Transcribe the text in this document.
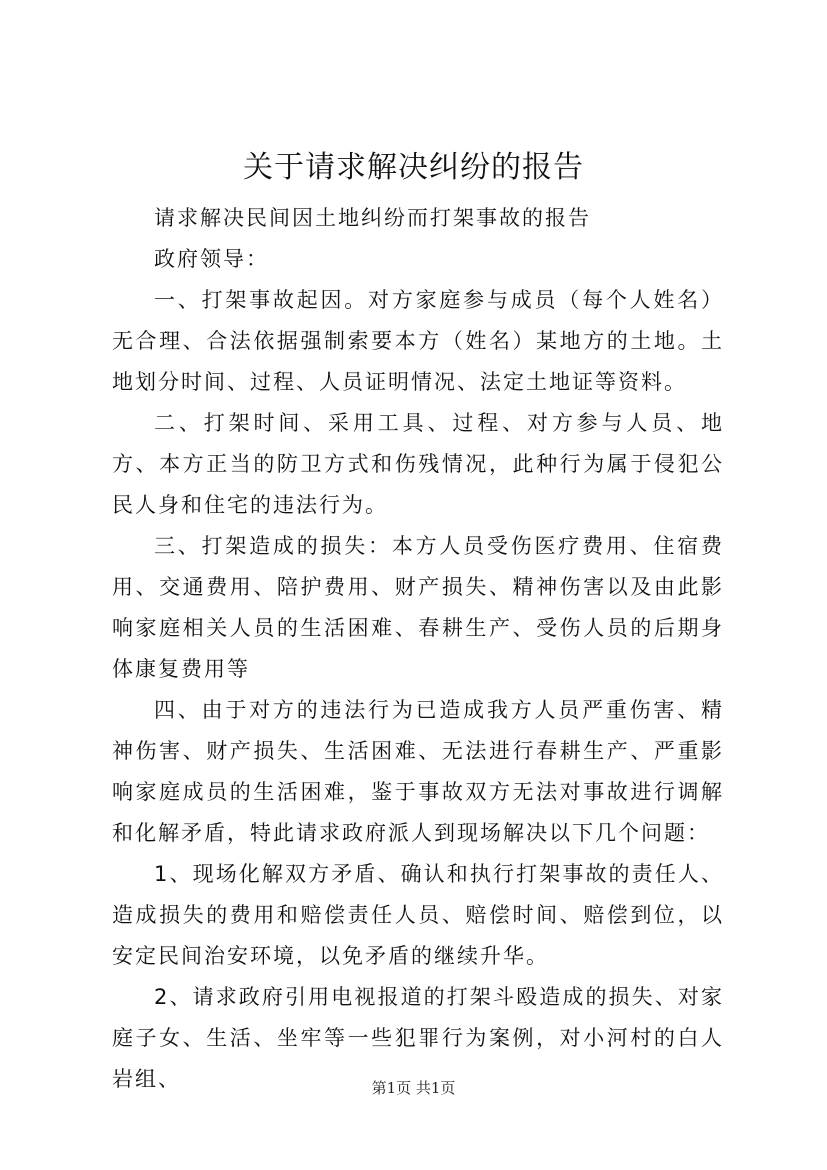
关于请求解决纠纷的报告

请求解决民间因土地纠纷而打架事故的报告

政府领导：

一、打架事故起因。对方家庭参与成员（每个人姓名）无合理、合法依据强制索要本方（姓名）某地方的土地。土地划分时间、过程、人员证明情况、法定土地证等资料。

二、打架时间、采用工具、过程、对方参与人员、地方、本方正当的防卫方式和伤残情况，此种行为属于侵犯公民人身和住宅的违法行为。

三、打架造成的损失：本方人员受伤医疗费用、住宿费用、交通费用、陪护费用、财产损失、精神伤害以及由此影响家庭相关人员的生活困难、春耕生产、受伤人员的后期身体康复费用等

四、由于对方的违法行为已造成我方人员严重伤害、精神伤害、财产损失、生活困难、无法进行春耕生产、严重影响家庭成员的生活困难，鉴于事故双方无法对事故进行调解和化解矛盾，特此请求政府派人到现场解决以下几个问题：

1、现场化解双方矛盾、确认和执行打架事故的责任人、造成损失的费用和赔偿责任人员、赔偿时间、赔偿到位，以安定民间治安环境，以免矛盾的继续升华。

2、请求政府引用电视报道的打架斗殴造成的损失、对家庭子女、生活、坐牢等一些犯罪行为案例，对小河村的白人岩组、	第1页 共1页
